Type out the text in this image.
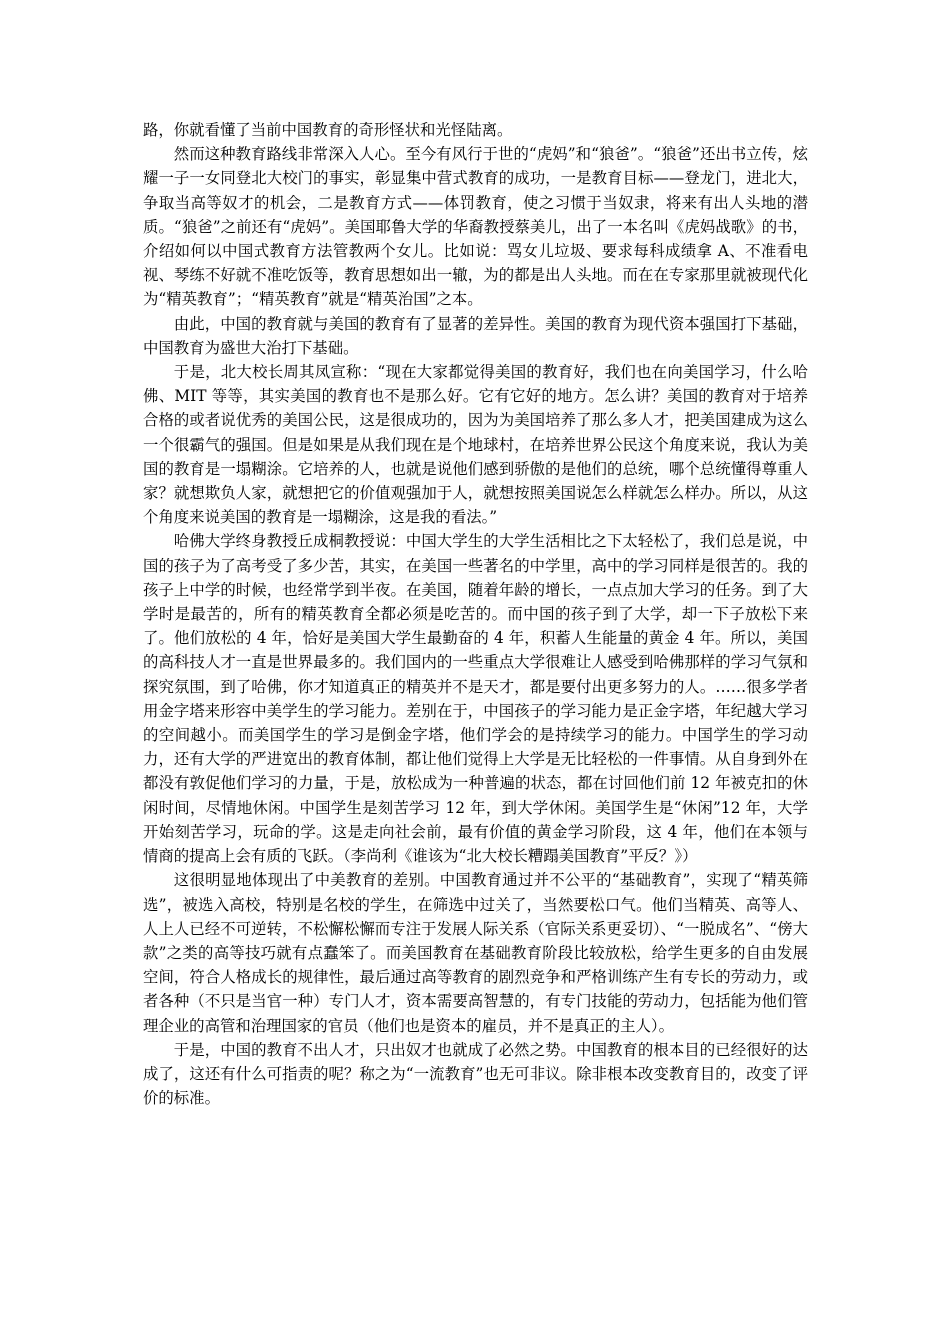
路，你就看懂了当前中国教育的奇形怪状和光怪陆离。

然而这种教育路线非常深入人心。至今有风行于世的“虎妈”和“狼爸”。“狼爸”还出书立传，炫耀一子一女同登北大校门的事实，彰显集中营式教育的成功，一是教育目标——登龙门，进北大，争取当高等奴才的机会，二是教育方式——体罚教育，使之习惯于当奴隶，将来有出人头地的潜质。“狼爸”之前还有“虎妈”。美国耶鲁大学的华裔教授蔡美儿，出了一本名叫《虎妈战歌》的书，介绍如何以中国式教育方法管教两个女儿。比如说：骂女儿垃圾、要求每科成绩拿 A、不准看电视、琴练不好就不准吃饭等，教育思想如出一辙，为的都是出人头地。而在在专家那里就被现代化为“精英教育”；“精英教育”就是“精英治国”之本。

由此，中国的教育就与美国的教育有了显著的差异性。美国的教育为现代资本强国打下基础，中国教育为盛世大治打下基础。

于是，北大校长周其凤宣称：“现在大家都觉得美国的教育好，我们也在向美国学习，什么哈佛、MIT 等等，其实美国的教育也不是那么好。它有它好的地方。怎么讲？美国的教育对于培养合格的或者说优秀的美国公民，这是很成功的，因为为美国培养了那么多人才，把美国建成为这么一个很霸气的强国。但是如果是从我们现在是个地球村，在培养世界公民这个角度来说，我认为美国的教育是一塌糊涂。它培养的人，也就是说他们感到骄傲的是他们的总统，哪个总统懂得尊重人家？就想欺负人家，就想把它的价值观强加于人，就想按照美国说怎么样就怎么样办。所以，从这个角度来说美国的教育是一塌糊涂，这是我的看法。”

哈佛大学终身教授丘成桐教授说：中国大学生的大学生活相比之下太轻松了，我们总是说，中国的孩子为了高考受了多少苦，其实，在美国一些著名的中学里，高中的学习同样是很苦的。我的孩子上中学的时候，也经常学到半夜。在美国，随着年龄的增长，一点点加大学习的任务。到了大学时是最苦的，所有的精英教育全都必须是吃苦的。而中国的孩子到了大学，却一下子放松下来了。他们放松的 4 年，恰好是美国大学生最勤奋的 4 年，积蓄人生能量的黄金 4 年。所以，美国的高科技人才一直是世界最多的。我们国内的一些重点大学很难让人感受到哈佛那样的学习气氛和探究氛围，到了哈佛，你才知道真正的精英并不是天才，都是要付出更多努力的人。……很多学者用金字塔来形容中美学生的学习能力。差别在于，中国孩子的学习能力是正金字塔，年纪越大学习的空间越小。而美国学生的学习是倒金字塔，他们学会的是持续学习的能力。中国学生的学习动力，还有大学的严进宽出的教育体制，都让他们觉得上大学是无比轻松的一件事情。从自身到外在都没有敦促他们学习的力量，于是，放松成为一种普遍的状态，都在讨回他们前 12 年被克扣的休闲时间，尽情地休闲。中国学生是刻苦学习 12 年，到大学休闲。美国学生是“休闲”12 年，大学开始刻苦学习，玩命的学。这是走向社会前，最有价值的黄金学习阶段，这 4 年，他们在本领与情商的提高上会有质的飞跃。（李尚利《谁该为“北大校长糟蹋美国教育”平反？》）

这很明显地体现出了中美教育的差别。中国教育通过并不公平的“基础教育”，实现了“精英筛选”，被选入高校，特别是名校的学生，在筛选中过关了，当然要松口气。他们当精英、高等人、人上人已经不可逆转，不松懈松懈而专注于发展人际关系（官际关系更妥切）、“一脱成名”、“傍大款”之类的高等技巧就有点蠢笨了。而美国教育在基础教育阶段比较放松，给学生更多的自由发展空间，符合人格成长的规律性，最后通过高等教育的剧烈竞争和严格训练产生有专长的劳动力，或者各种（不只是当官一种）专门人才，资本需要高智慧的，有专门技能的劳动力，包括能为他们管理企业的高管和治理国家的官员（他们也是资本的雇员，并不是真正的主人）。

于是，中国的教育不出人才，只出奴才也就成了必然之势。中国教育的根本目的已经很好的达成了，这还有什么可指责的呢？称之为“一流教育”也无可非议。除非根本改变教育目的，改变了评价的标准。
